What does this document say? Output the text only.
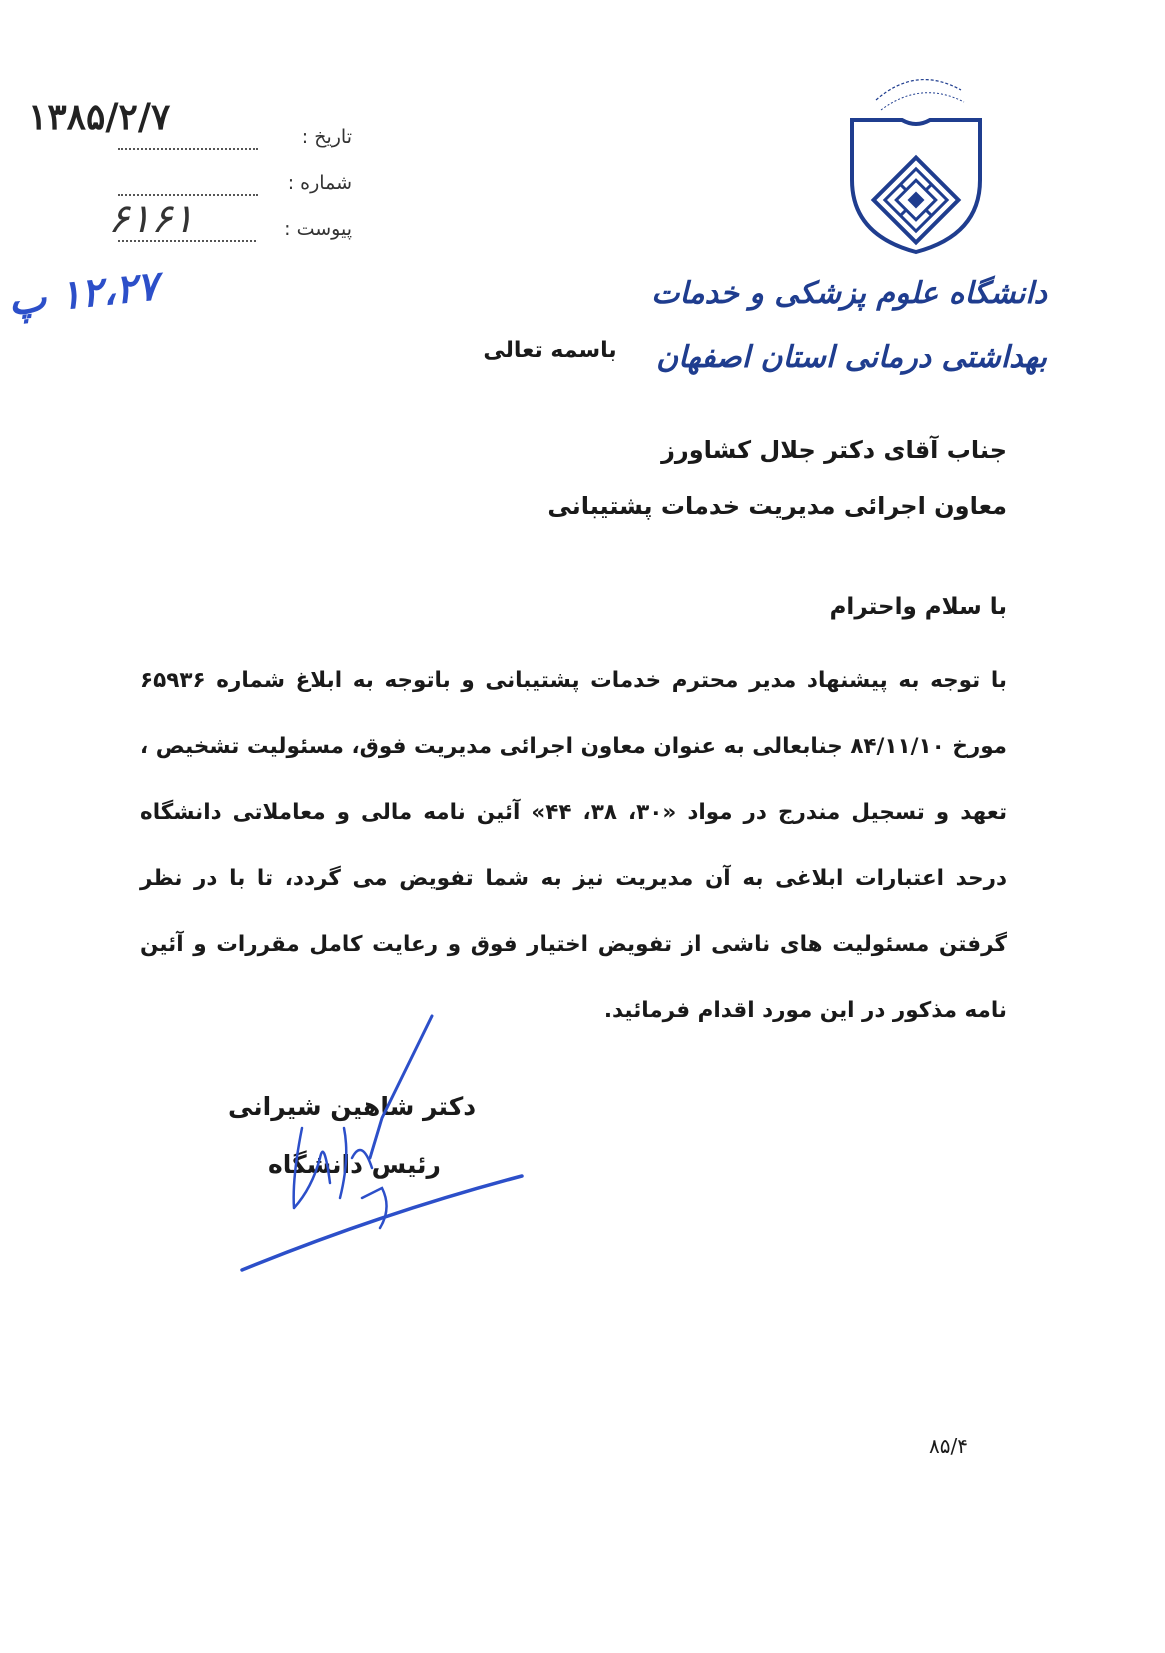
۱۳۸۵/۲/۷	تاریخ :
شماره :
پیوست :
۶۱۶۱
۱۲،۲۷ پ	دانشگاه علوم پزشکی و خدمات
بهداشتی درمانی استان اصفهان
باسمه تعالی
جناب آقای دکتر جلال کشاورز
معاون اجرائی مدیریت خدمات پشتیبانی
با سلام واحترام
با توجه به پیشنهاد مدیر محترم خدمات پشتیبانی و باتوجه به ابلاغ شماره ۶۵۹۳۶ مورخ ۸۴/۱۱/۱۰ جنابعالی به عنوان معاون اجرائی مدیریت فوق، مسئولیت تشخیص ، تعهد و تسجیل مندرج در مواد «۳۰، ۳۸، ۴۴» آئین نامه مالی و معاملاتی دانشگاه درحد اعتبارات ابلاغی به آن مدیریت نیز به شما تفویض می گردد، تا با در نظر گرفتن مسئولیت های ناشی از تفویض اختیار فوق و رعایت کامل مقررات و آئین نامه مذکور در این مورد اقدام فرمائید.
دکتر شاهین شیرانی
رئیس دانشگاه
۸۵/۴
